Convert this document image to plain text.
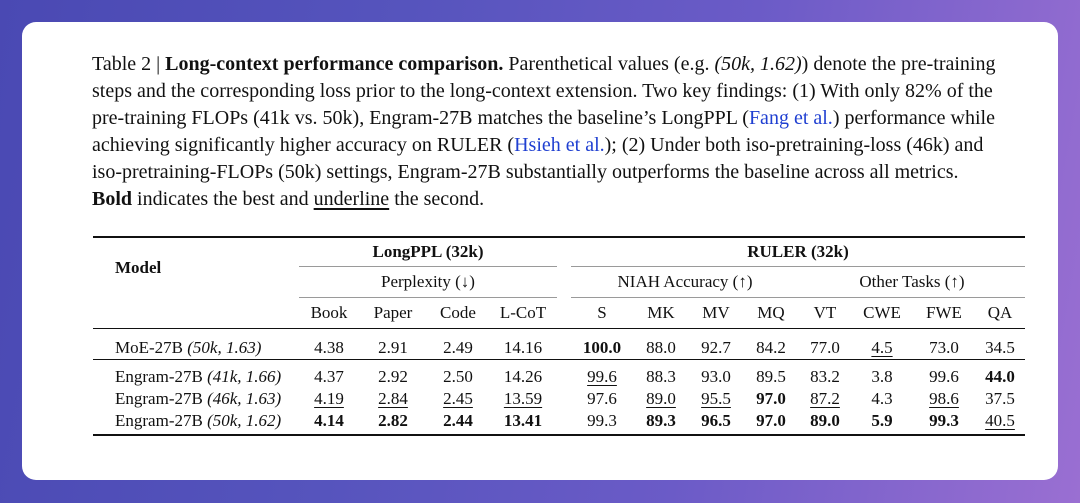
Table 2 | Long-context performance comparison. Parenthetical values (e.g. (50k, 1.62)) denote the pre-training steps and the corresponding loss prior to the long-context extension. Two key findings: (1) With only 82% of the pre-training FLOPs (41k vs. 50k), Engram-27B matches the baseline’s LongPPL (Fang et al.) performance while achieving significantly higher accuracy on RULER (Hsieh et al.); (2) Under both iso-pretraining-loss (46k) and iso-pretraining-FLOPs (50k) settings, Engram-27B substantially outperforms the baseline across all metrics. Bold indicates the best and underline the second.

Model	LongPPL (32k)					RULER (32k)							
	Perplexity (↓)					NIAH Accuracy (↑)				Other Tasks (↑)			
	Book	Paper	Code	L-CoT		S	MK	MV	MQ	VT	CWE	FWE	QA

MoE-27B (50k, 1.63)	4.38	2.91	2.49	14.16		100.0	88.0	92.7	84.2	77.0	4.5	73.0	34.5

Engram-27B (41k, 1.66)	4.37	2.92	2.50	14.26		99.6	88.3	93.0	89.5	83.2	3.8	99.6	44.0
Engram-27B (46k, 1.63)	4.19	2.84	2.45	13.59		97.6	89.0	95.5	97.0	87.2	4.3	98.6	37.5
Engram-27B (50k, 1.62)	4.14	2.82	2.44	13.41		99.3	89.3	96.5	97.0	89.0	5.9	99.3	40.5
